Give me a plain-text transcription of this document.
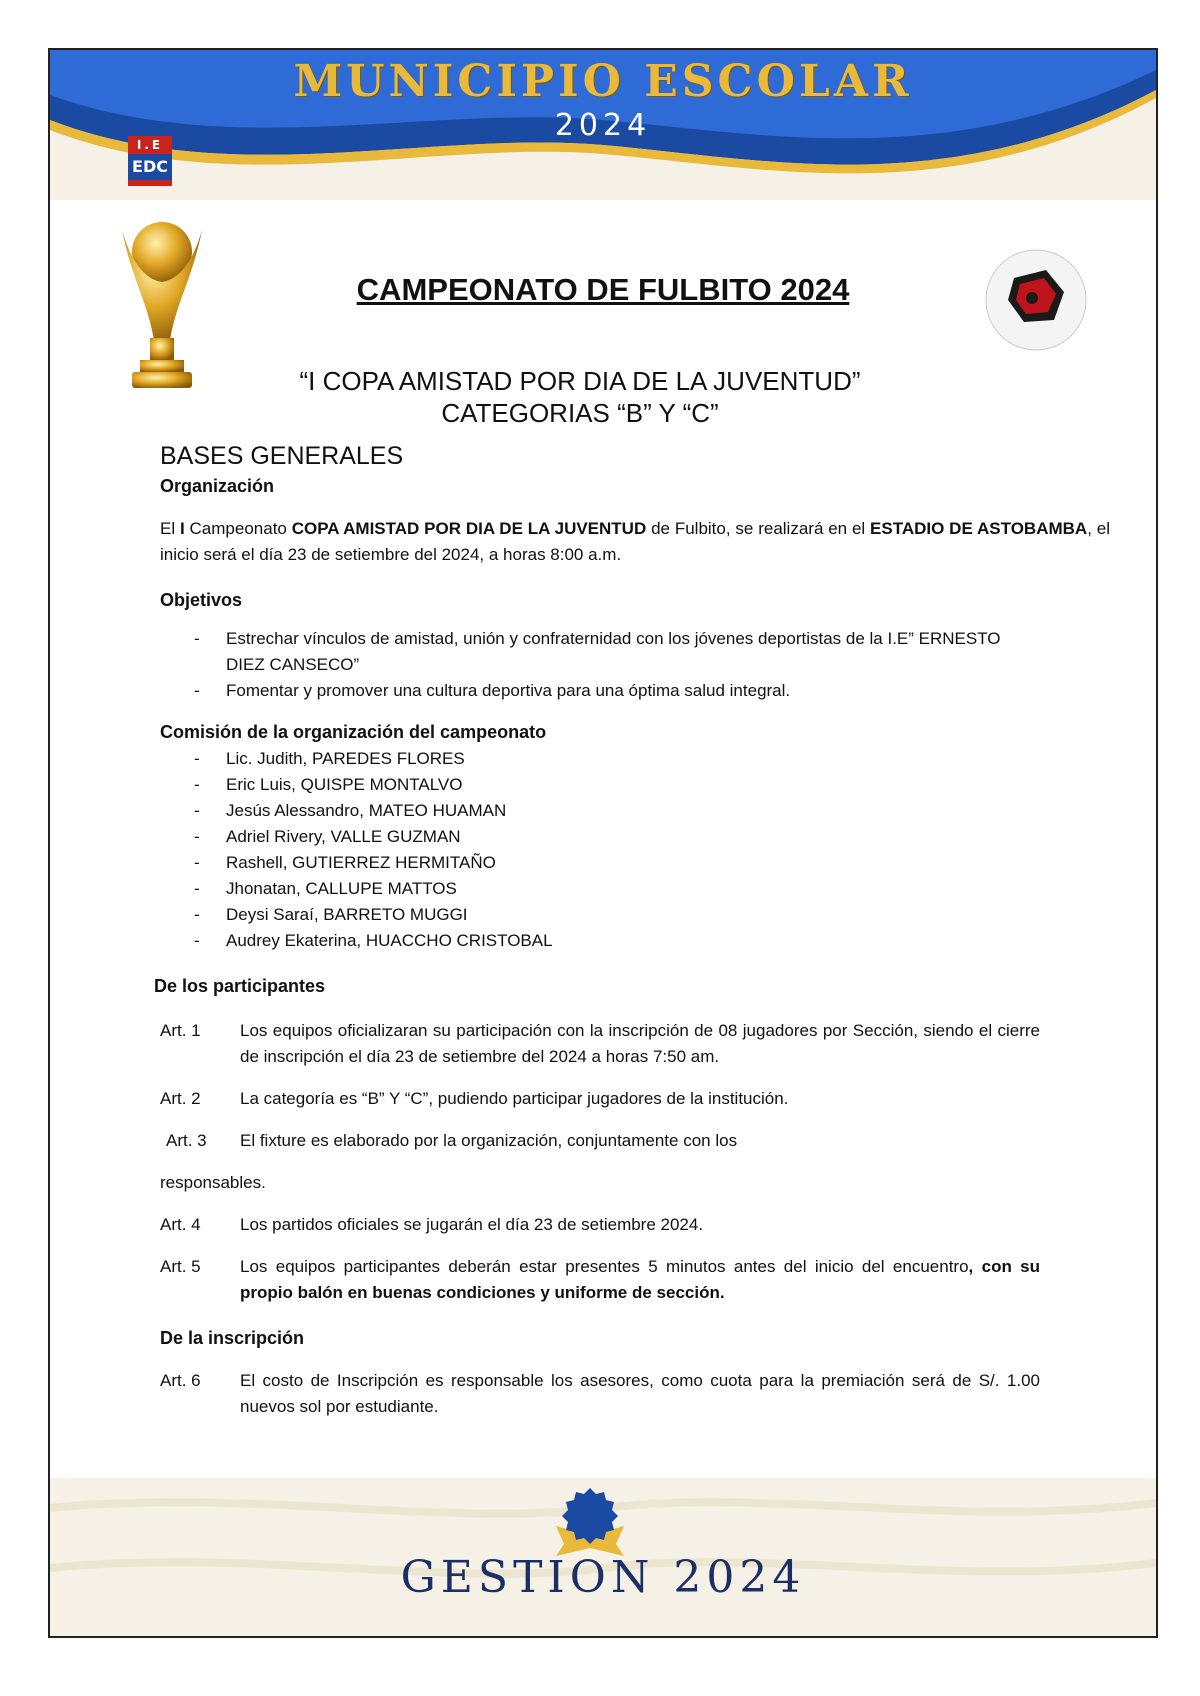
MUNICIPIO ESCOLAR
2024
I.E
EDC
CAMPEONATO DE FULBITO 2024
“I COPA AMISTAD POR DIA DE LA JUVENTUD”
CATEGORIAS “B” Y “C”
BASES GENERALES
Organización

El I Campeonato COPA AMISTAD POR DIA DE LA JUVENTUD de Fulbito, se realizará en el ESTADIO DE ASTOBAMBA, el inicio será el día 23 de setiembre del 2024, a horas 8:00 a.m.

Objetivos
- Estrechar vínculos de amistad, unión y confraternidad con los jóvenes deportistas de la I.E” ERNESTO DIEZ CANSECO”
- Fomentar y promover una cultura deportiva para una óptima salud integral.
Comisión de la organización del campeonato
- Lic. Judith, PAREDES FLORES
- Eric Luis, QUISPE MONTALVO
- Jesús Alessandro, MATEO HUAMAN
- Adriel Rivery, VALLE GUZMAN
- Rashell, GUTIERREZ HERMITAÑO
- Jhonatan, CALLUPE MATTOS
- Deysi Saraí, BARRETO MUGGI
- Audrey Ekaterina, HUACCHO CRISTOBAL
De los participantes
Art. 1	Los equipos oficializaran su participación con la inscripción de 08 jugadores por Sección, siendo el cierre de inscripción el día 23 de setiembre del 2024 a horas 7:50 am.
Art. 2	La categoría es “B” Y “C”, pudiendo participar jugadores de la institución.
Art. 3	El fixture es elaborado por la organización, conjuntamente con los

responsables.

Art. 4	Los partidos oficiales se jugarán el día 23 de setiembre 2024.
Art. 5	Los equipos participantes deberán estar presentes 5 minutos antes del inicio del encuentro, con su propio balón en buenas condiciones y uniforme de sección.
De la inscripción
Art. 6	El costo de Inscripción es responsable los asesores, como cuota para la premiación será de S/. 1.00 nuevos sol por estudiante.
GESTION 2024
